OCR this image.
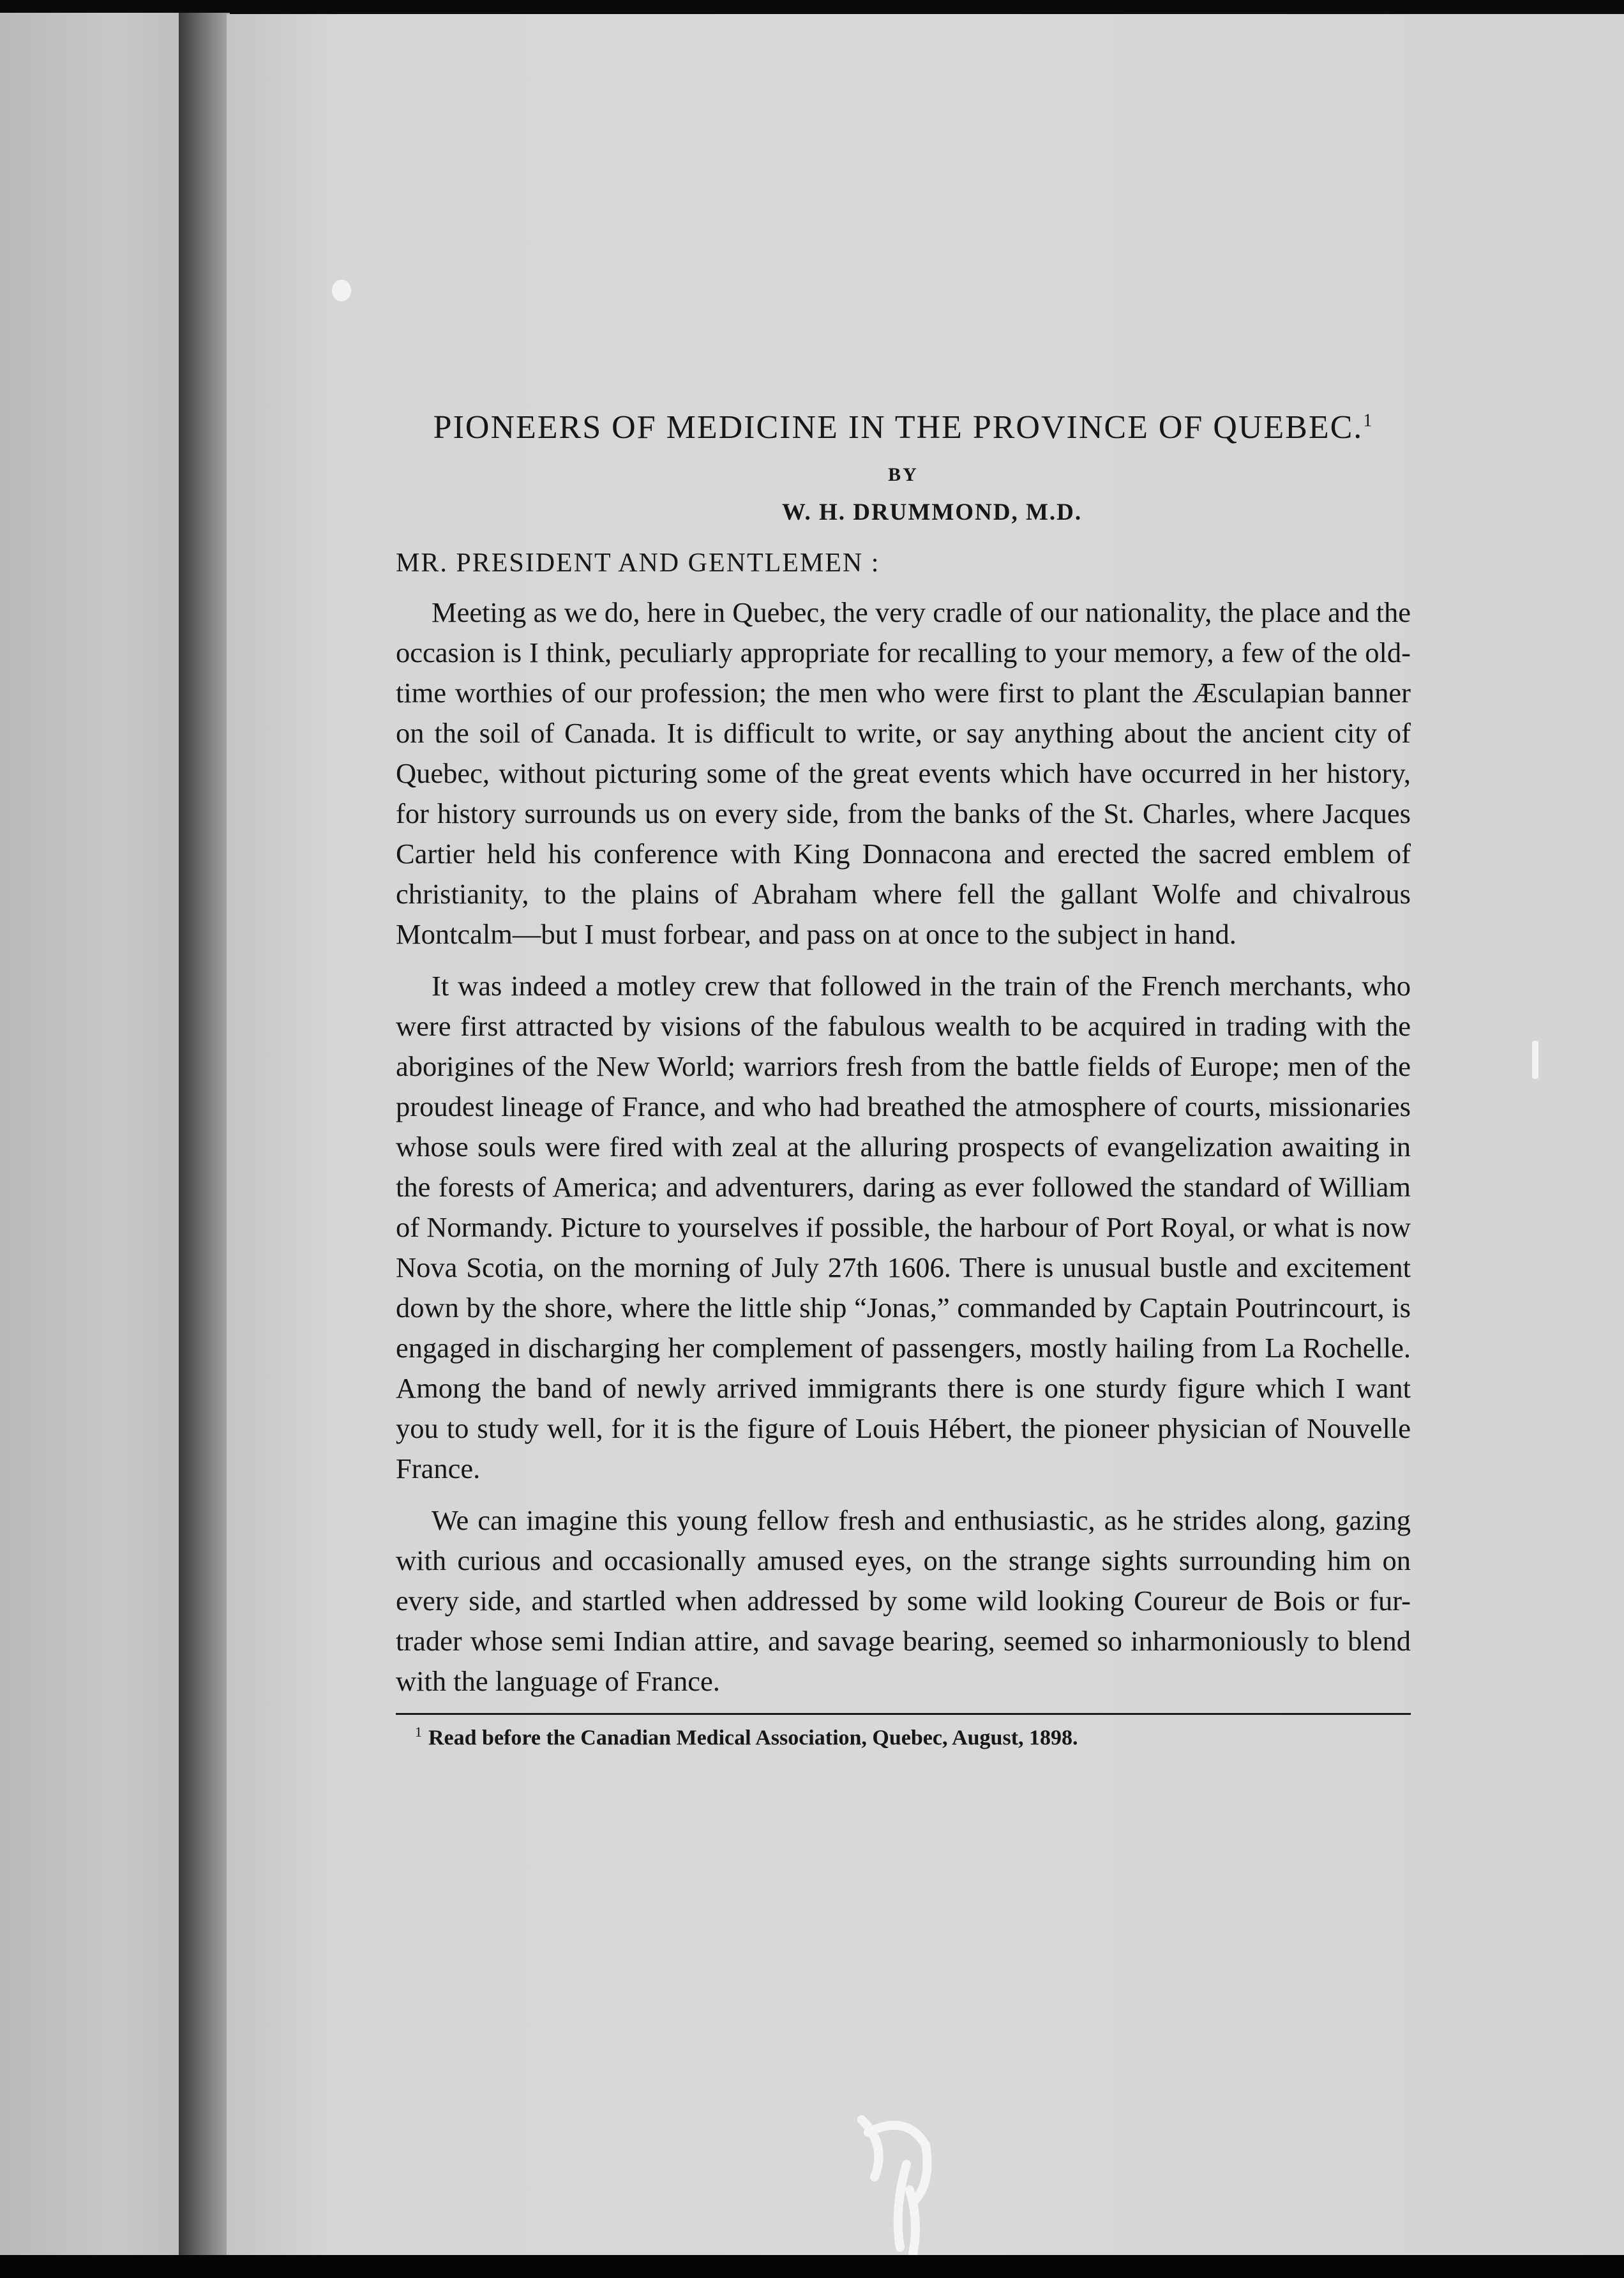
PIONEERS OF MEDICINE IN THE PROVINCE OF QUEBEC.$^1$
BY
W. H. DRUMMOND, M.D.
MR. PRESIDENT AND GENTLEMEN :

Meeting as we do, here in Quebec, the very cradle of our nationality, the place and the occasion is I think, peculiarly appropriate for recalling to your memory, a few of the old-time worthies of our profession; the men who were first to plant the Æsculapian banner on the soil of Canada. It is difficult to write, or say anything about the ancient city of Quebec, without picturing some of the great events which have occurred in her history, for history surrounds us on every side, from the banks of the St. Charles, where Jacques Cartier held his conference with King Donnacona and erected the sacred emblem of christianity, to the plains of Abraham where fell the gallant Wolfe and chivalrous Montcalm—but I must forbear, and pass on at once to the subject in hand.

It was indeed a motley crew that followed in the train of the French merchants, who were first attracted by visions of the fabulous wealth to be acquired in trading with the aborigines of the New World; warriors fresh from the battle fields of Europe; men of the proudest lineage of France, and who had breathed the atmosphere of courts, missionaries whose souls were fired with zeal at the alluring prospects of evangelization awaiting in the forests of America; and adventurers, daring as ever followed the standard of William of Normandy. Picture to yourselves if possible, the harbour of Port Royal, or what is now Nova Scotia, on the morning of July 27th 1606. There is unusual bustle and excitement down by the shore, where the little ship “Jonas,” commanded by Captain Poutrincourt, is engaged in discharging her complement of passengers, mostly hailing from La Rochelle. Among the band of newly arrived immigrants there is one sturdy figure which I want you to study well, for it is the figure of Louis Hébert, the pioneer physician of Nouvelle France.

We can imagine this young fellow fresh and enthusiastic, as he strides along, gazing with curious and occasionally amused eyes, on the strange sights surrounding him on every side, and startled when addressed by some wild looking Coureur de Bois or fur-trader whose semi Indian attire, and savage bearing, seemed so inharmoniously to blend with the language of France.

$^1$ Read before the Canadian Medical Association, Quebec, August, 1898.
